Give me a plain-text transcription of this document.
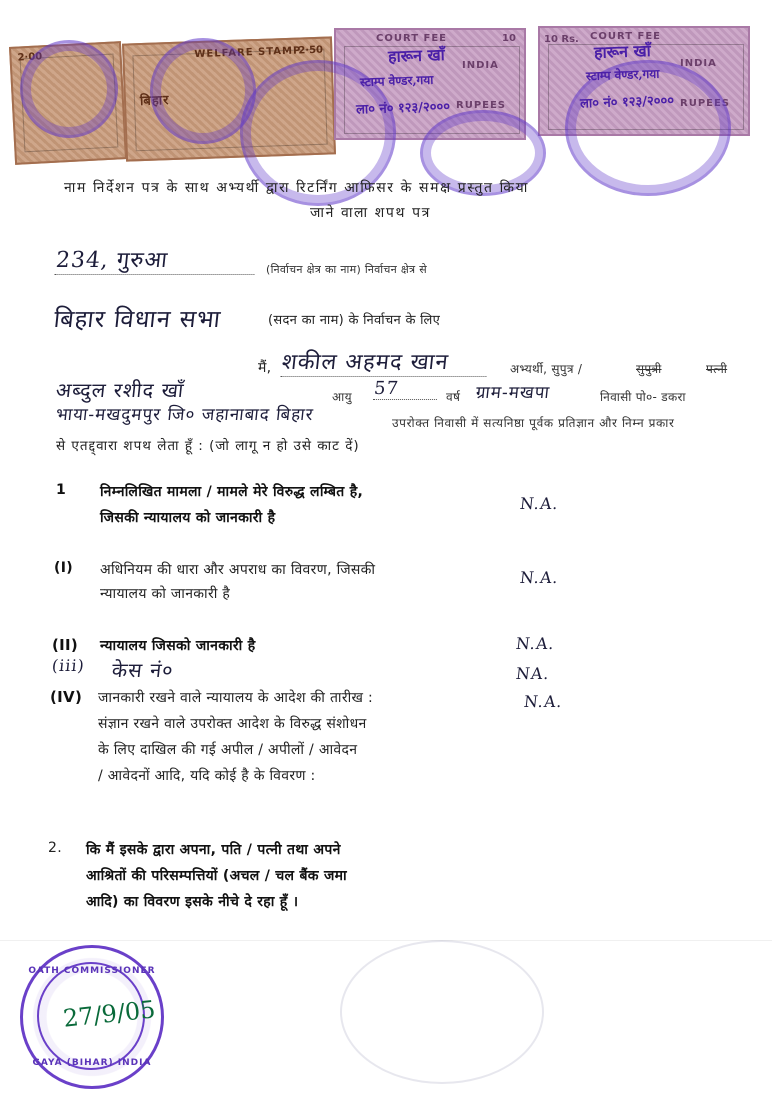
2·00	WELFARE STAMP
2·50
बिहार
COURT FEE	10
INDIA
RUPEES
10 Rs. COURT FEE
INDIA
RUPEES
हारून खाँ
स्टाम्प वेण्डर,गया
ला० नं० १२३/२०००
हारून खाँ
स्टाम्प वेण्डर,गया
ला० नं० १२३/२०००
नाम निर्देशन पत्र के साथ अभ्यर्थी द्वारा रिटर्निंग आफिसर के समक्ष प्रस्तुत किया
जाने वाला शपथ पत्र
234, गुरुआ	(निर्वाचन क्षेत्र का नाम) निर्वाचन क्षेत्र से
बिहार विधान सभा	(सदन का नाम) के निर्वाचन के लिए
मैं, शकील अहमद खान	अभ्यर्थी, सुपुत्र /	सुपुत्री	पत्नी
अब्दुल रशीद खाँ	आयु 57	वर्ष ग्राम-मखपा	निवासी पो०- डकरा
भाया-मखदुमपुर जि० जहानाबाद बिहार	उपरोक्त निवासी में सत्यनिष्ठा पूर्वक प्रतिज्ञान और निम्न प्रकार
से एतद्द्वारा शपथ लेता हूँ : (जो लागू न हो उसे काट दें)
1 निम्नलिखित मामला / मामले मेरे विरुद्ध लम्बित है,
जिसकी न्यायालय को जानकारी है
N.A.
(I) अधिनियम की धारा और अपराध का विवरण, जिसकी
न्यायालय को जानकारी है
N.A.
(II) न्यायालय जिसको जानकारी है	N.A.
(iii) केस नं०	NA.
(IV) जानकारी रखने वाले न्यायालय के आदेश की तारीख :
संज्ञान रखने वाले उपरोक्त आदेश के विरुद्ध संशोधन
के लिए दाखिल की गई अपील / अपीलों / आवेदन
/ आवेदनों आदि, यदि कोई है के विवरण :
N.A.
2. कि मैं इसके द्वारा अपना, पति / पत्नी तथा अपने
आश्रितों की परिसम्पत्तियों (अचल / चल बैंक जमा
आदि) का विवरण इसके नीचे दे रहा हूँ ।
OATH COMMISSIONER
GAYA (BIHAR) INDIA
27/9/05
